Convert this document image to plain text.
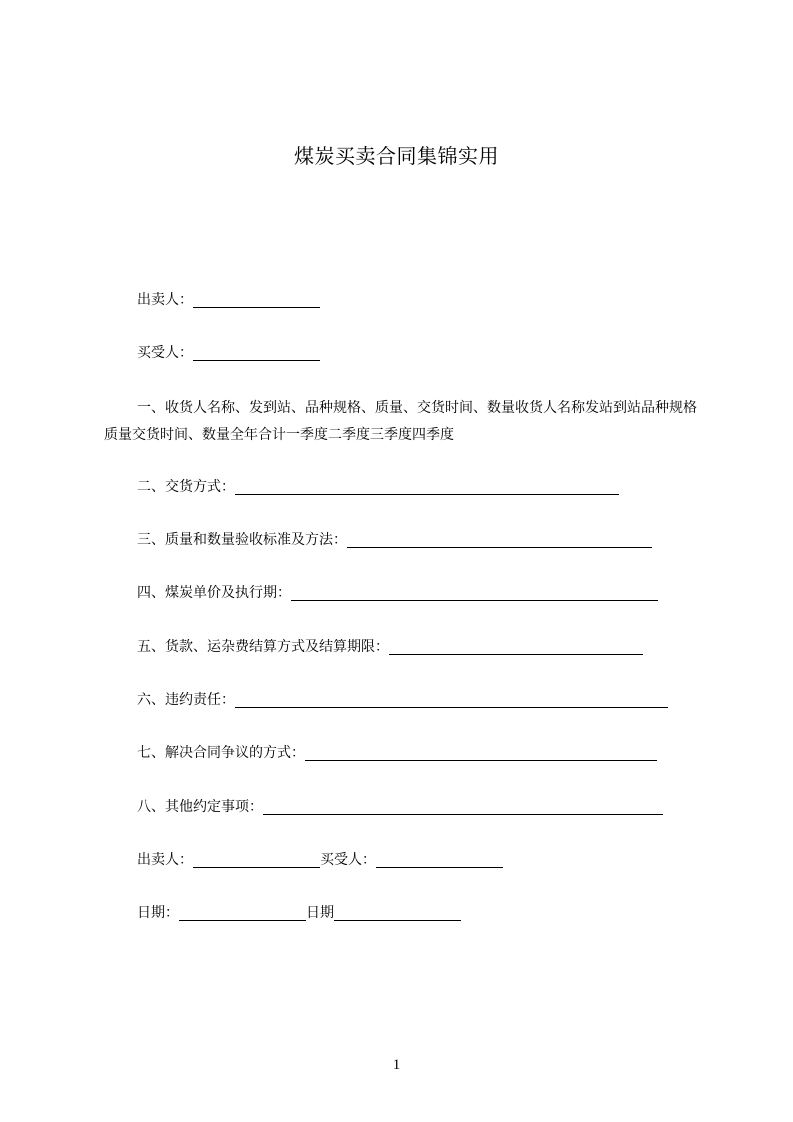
煤炭买卖合同集锦实用
出卖人：
买受人：

一、收货人名称、发到站、品种规格、质量、交货时间、数量收货人名称发站到站品种规格质量交货时间、数量全年合计一季度二季度三季度四季度

二、交货方式：
三、质量和数量验收标准及方法：
四、煤炭单价及执行期：
五、货款、运杂费结算方式及结算期限：
六、违约责任：
七、解决合同争议的方式：
八、其他约定事项：
出卖人：	买受人：
日期：	日期
1
